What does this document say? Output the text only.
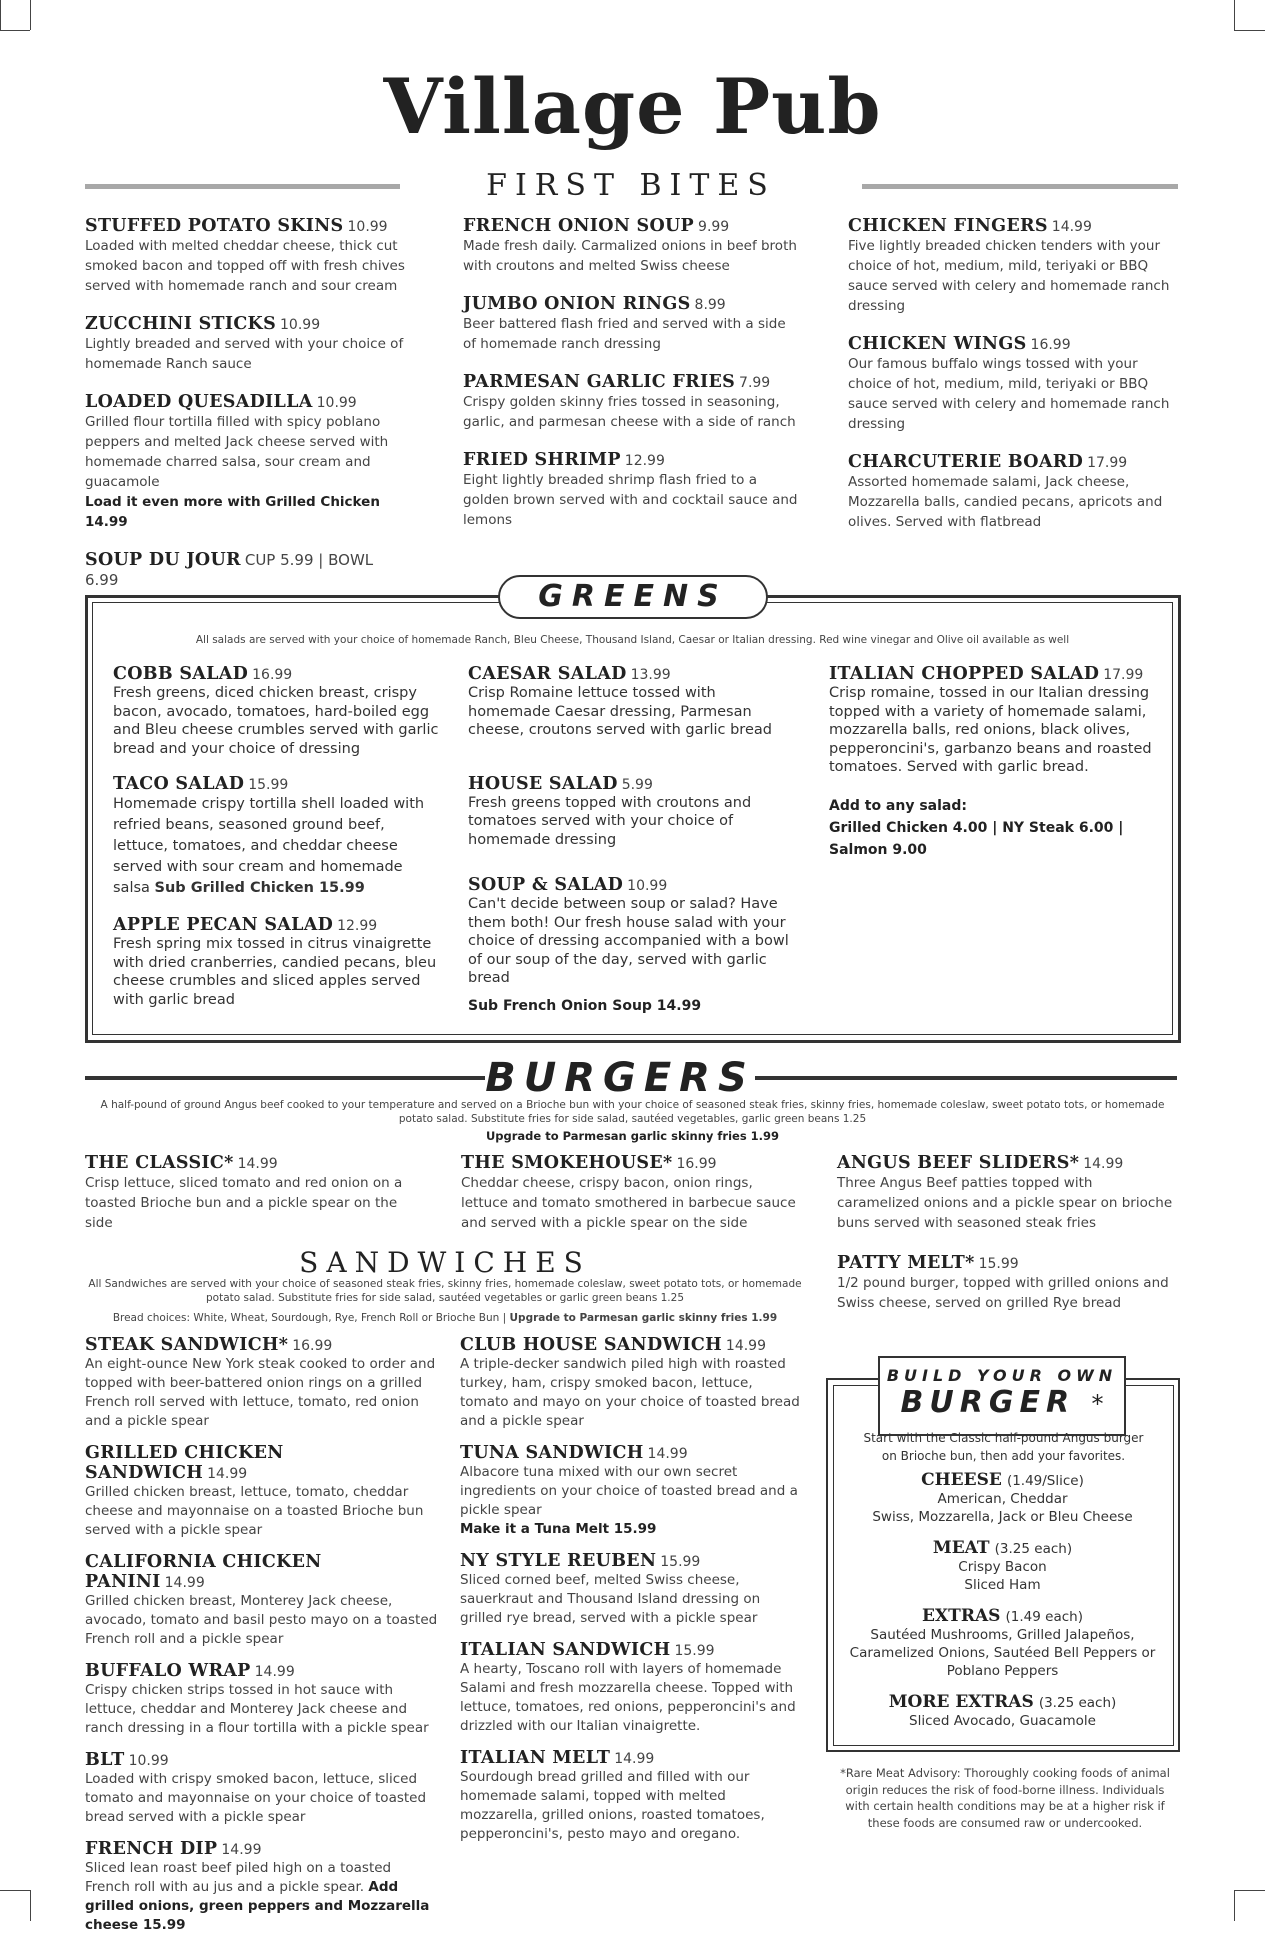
Village Pub
FIRST BITES
STUFFED POTATO SKINS 10.99
Loaded with melted cheddar cheese, thick cut smoked bacon and topped off with fresh chives served with homemade ranch and sour cream
ZUCCHINI STICKS 10.99
Lightly breaded and served with your choice of homemade Ranch sauce
LOADED QUESADILLA 10.99
Grilled flour tortilla filled with spicy poblano peppers and melted Jack cheese served with homemade charred salsa, sour cream and guacamole
Load it even more with Grilled Chicken 14.99
SOUP DU JOUR CUP 5.99 | BOWL 6.99
FRENCH ONION SOUP 9.99
Made fresh daily. Carmalized onions in beef broth with croutons and melted Swiss cheese
JUMBO ONION RINGS 8.99
Beer battered flash fried and served with a side of homemade ranch dressing
PARMESAN GARLIC FRIES 7.99
Crispy golden skinny fries tossed in seasoning, garlic, and parmesan cheese with a side of ranch
FRIED SHRIMP 12.99
Eight lightly breaded shrimp flash fried to a golden brown served with and cocktail sauce and lemons
CHICKEN FINGERS 14.99
Five lightly breaded chicken tenders with your choice of hot, medium, mild, teriyaki or BBQ sauce served with celery and homemade ranch dressing
CHICKEN WINGS 16.99
Our famous buffalo wings tossed with your choice of hot, medium, mild, teriyaki or BBQ sauce served with celery and homemade ranch dressing
CHARCUTERIE BOARD 17.99
Assorted homemade salami, Jack cheese, Mozzarella balls, candied pecans, apricots and olives. Served with flatbread
GREENS
All salads are served with your choice of homemade Ranch, Bleu Cheese, Thousand Island, Caesar or Italian dressing. Red wine vinegar and Olive oil available as well
COBB SALAD 16.99
Fresh greens, diced chicken breast, crispy bacon, avocado, tomatoes, hard-boiled egg and Bleu cheese crumbles served with garlic bread and your choice of dressing
TACO SALAD 15.99
Homemade crispy tortilla shell loaded with refried beans, seasoned ground beef, lettuce, tomatoes, and cheddar cheese served with sour cream and homemade salsa Sub Grilled Chicken 15.99
APPLE PECAN SALAD 12.99
Fresh spring mix tossed in citrus vinaigrette with dried cranberries, candied pecans, bleu cheese crumbles and sliced apples served with garlic bread
CAESAR SALAD 13.99
Crisp Romaine lettuce tossed with homemade Caesar dressing, Parmesan cheese, croutons served with garlic bread
HOUSE SALAD 5.99
Fresh greens topped with croutons and tomatoes served with your choice of homemade dressing
SOUP & SALAD 10.99
Can't decide between soup or salad? Have them both! Our fresh house salad with your choice of dressing accompanied with a bowl of our soup of the day, served with garlic bread
Sub French Onion Soup 14.99
ITALIAN CHOPPED SALAD 17.99
Crisp romaine, tossed in our Italian dressing topped with a variety of homemade salami, mozzarella balls, red onions, black olives, pepperoncini's, garbanzo beans and roasted tomatoes. Served with garlic bread.
Add to any salad:
Grilled Chicken 4.00 | NY Steak 6.00 | Salmon 9.00
BURGERS
A half-pound of ground Angus beef cooked to your temperature and served on a Brioche bun with your choice of seasoned steak fries, skinny fries, homemade coleslaw, sweet potato tots, or homemade potato salad. Substitute fries for side salad, sautéed vegetables, garlic green beans 1.25
Upgrade to Parmesan garlic skinny fries 1.99
THE CLASSIC* 14.99
Crisp lettuce, sliced tomato and red onion on a toasted Brioche bun and a pickle spear on the side
THE SMOKEHOUSE* 16.99
Cheddar cheese, crispy bacon, onion rings, lettuce and tomato smothered in barbecue sauce and served with a pickle spear on the side
ANGUS BEEF SLIDERS* 14.99
Three Angus Beef patties topped with caramelized onions and a pickle spear on brioche buns served with seasoned steak fries
PATTY MELT* 15.99
1/2 pound burger, topped with grilled onions and Swiss cheese, served on grilled Rye bread
SANDWICHES
All Sandwiches are served with your choice of seasoned steak fries, skinny fries, homemade coleslaw, sweet potato tots, or homemade potato salad. Substitute fries for side salad, sautéed vegetables or garlic green beans 1.25
Bread choices: White, Wheat, Sourdough, Rye, French Roll or Brioche Bun | Upgrade to Parmesan garlic skinny fries 1.99
STEAK SANDWICH* 16.99
An eight-ounce New York steak cooked to order and topped with beer-battered onion rings on a grilled French roll served with lettuce, tomato, red onion and a pickle spear
GRILLED CHICKEN SANDWICH 14.99
Grilled chicken breast, lettuce, tomato, cheddar cheese and mayonnaise on a toasted Brioche bun served with a pickle spear
CALIFORNIA CHICKEN PANINI 14.99
Grilled chicken breast, Monterey Jack cheese, avocado, tomato and basil pesto mayo on a toasted French roll and a pickle spear
BUFFALO WRAP 14.99
Crispy chicken strips tossed in hot sauce with lettuce, cheddar and Monterey Jack cheese and ranch dressing in a flour tortilla with a pickle spear
BLT 10.99
Loaded with crispy smoked bacon, lettuce, sliced tomato and mayonnaise on your choice of toasted bread served with a pickle spear
FRENCH DIP 14.99
Sliced lean roast beef piled high on a toasted French roll with au jus and a pickle spear. Add grilled onions, green peppers and Mozzarella cheese 15.99
CLUB HOUSE SANDWICH 14.99
A triple-decker sandwich piled high with roasted turkey, ham, crispy smoked bacon, lettuce, tomato and mayo on your choice of toasted bread and a pickle spear
TUNA SANDWICH 14.99
Albacore tuna mixed with our own secret ingredients on your choice of toasted bread and a pickle spear
Make it a Tuna Melt 15.99
NY STYLE REUBEN 15.99
Sliced corned beef, melted Swiss cheese, sauerkraut and Thousand Island dressing on grilled rye bread, served with a pickle spear
ITALIAN SANDWICH 15.99
A hearty, Toscano roll with layers of homemade Salami and fresh mozzarella cheese. Topped with lettuce, tomatoes, red onions, pepperoncini's and drizzled with our Italian vinaigrette.
ITALIAN MELT 14.99
Sourdough bread grilled and filled with our homemade salami, topped with melted mozzarella, grilled onions, roasted tomatoes, pepperoncini's, pesto mayo and oregano.
BUILD YOUR OWN
BURGER *
Start with the Classic half-pound Angus burger on Brioche bun, then add your favorites.
CHEESE (1.49/Slice)
American, Cheddar
Swiss, Mozzarella, Jack or Bleu Cheese
MEAT (3.25 each)
Crispy Bacon
Sliced Ham
EXTRAS (1.49 each)
Sautéed Mushrooms, Grilled Jalapeños, Caramelized Onions, Sautéed Bell Peppers or Poblano Peppers
MORE EXTRAS (3.25 each)
Sliced Avocado, Guacamole
*Rare Meat Advisory: Thoroughly cooking foods of animal origin reduces the risk of food-borne illness. Individuals with certain health conditions may be at a higher risk if these foods are consumed raw or undercooked.
